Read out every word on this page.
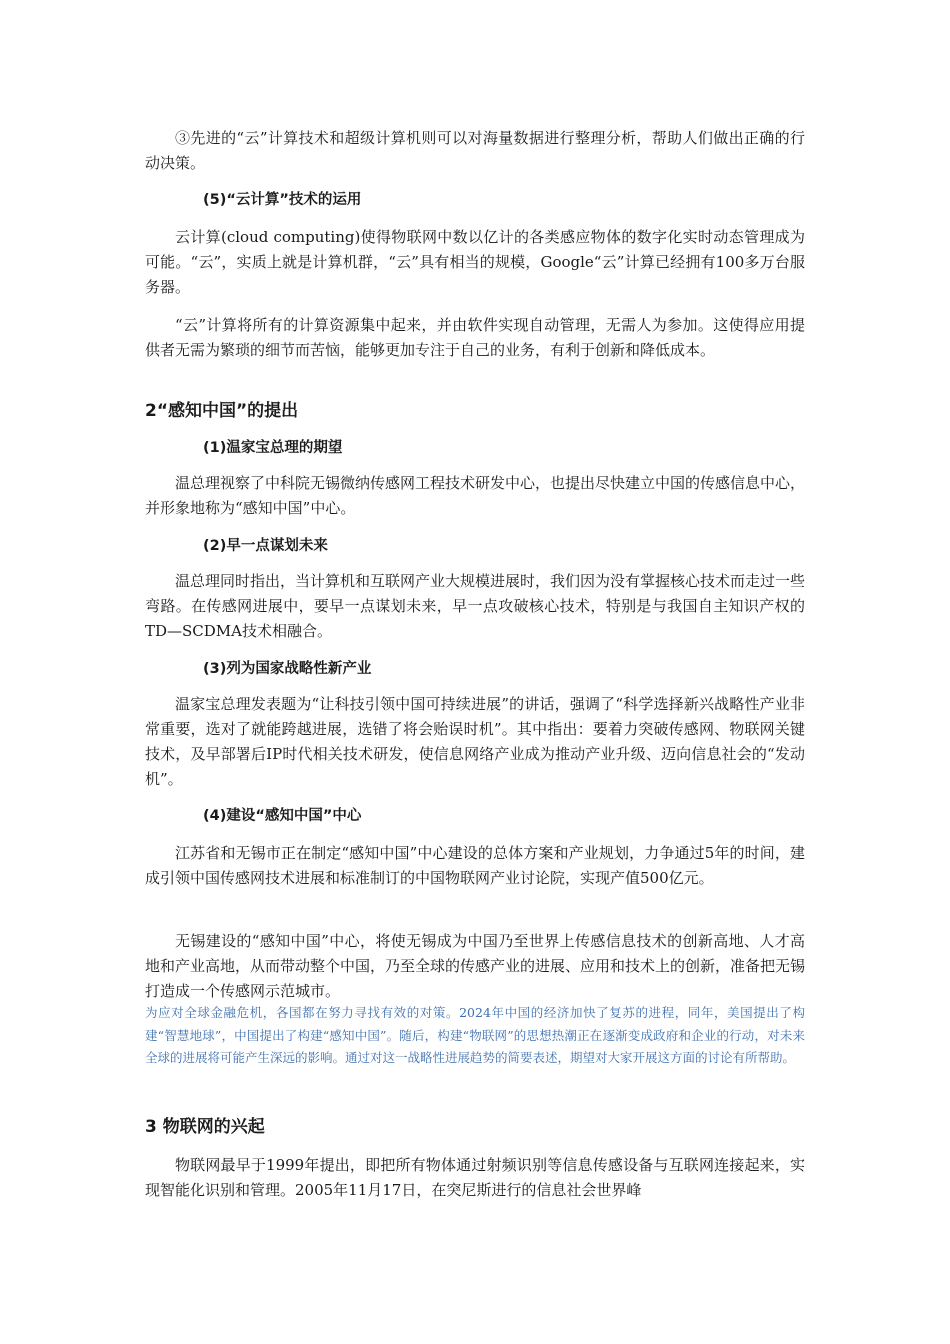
③先进的“云”计算技术和超级计算机则可以对海量数据进行整理分析，帮助人们做出正确的行动决策。

(5)“云计算”技术的运用

云计算(cloud computing)使得物联网中数以亿计的各类感应物体的数字化实时动态管理成为可能。“云”，实质上就是计算机群，“云”具有相当的规模，Google“云”计算已经拥有100多万台服务器。

“云”计算将所有的计算资源集中起来，并由软件实现自动管理，无需人为参加。这使得应用提供者无需为繁琐的细节而苦恼，能够更加专注于自己的业务，有利于创新和降低成本。

2“感知中国”的提出

(1)温家宝总理的期望

温总理视察了中科院无锡微纳传感网工程技术研发中心，也提出尽快建立中国的传感信息中心，并形象地称为“感知中国”中心。

(2)早一点谋划未来

温总理同时指出，当计算机和互联网产业大规模进展时，我们因为没有掌握核心技术而走过一些弯路。在传感网进展中，要早一点谋划未来，早一点攻破核心技术，特别是与我国自主知识产权的TD—SCDMA技术相融合。

(3)列为国家战略性新产业

温家宝总理发表题为“让科技引领中国可持续进展”的讲话，强调了“科学选择新兴战略性产业非常重要，选对了就能跨越进展，选错了将会贻误时机”。其中指出：要着力突破传感网、物联网关键技术，及早部署后IP时代相关技术研发，使信息网络产业成为推动产业升级、迈向信息社会的“发动机”。

(4)建设“感知中国”中心

江苏省和无锡市正在制定“感知中国”中心建设的总体方案和产业规划，力争通过5年的时间，建成引领中国传感网技术进展和标准制订的中国物联网产业讨论院，实现产值500亿元。

无锡建设的“感知中国”中心，将使无锡成为中国乃至世界上传感信息技术的创新高地、人才高地和产业高地，从而带动整个中国，乃至全球的传感产业的进展、应用和技术上的创新，准备把无锡打造成一个传感网示范城市。

为应对全球金融危机，各国都在努力寻找有效的对策。2024年中国的经济加快了复苏的进程，同年，美国提出了构建“智慧地球”，中国提出了构建“感知中国”。随后，构建“物联网”的思想热潮正在逐渐变成政府和企业的行动，对未来全球的进展将可能产生深远的影响。通过对这一战略性进展趋势的简要表述，期望对大家开展这方面的讨论有所帮助。

3 物联网的兴起

物联网最早于1999年提出，即把所有物体通过射频识别等信息传感设备与互联网连接起来，实现智能化识别和管理。2005年11月17日，在突尼斯进行的信息社会世界峰
